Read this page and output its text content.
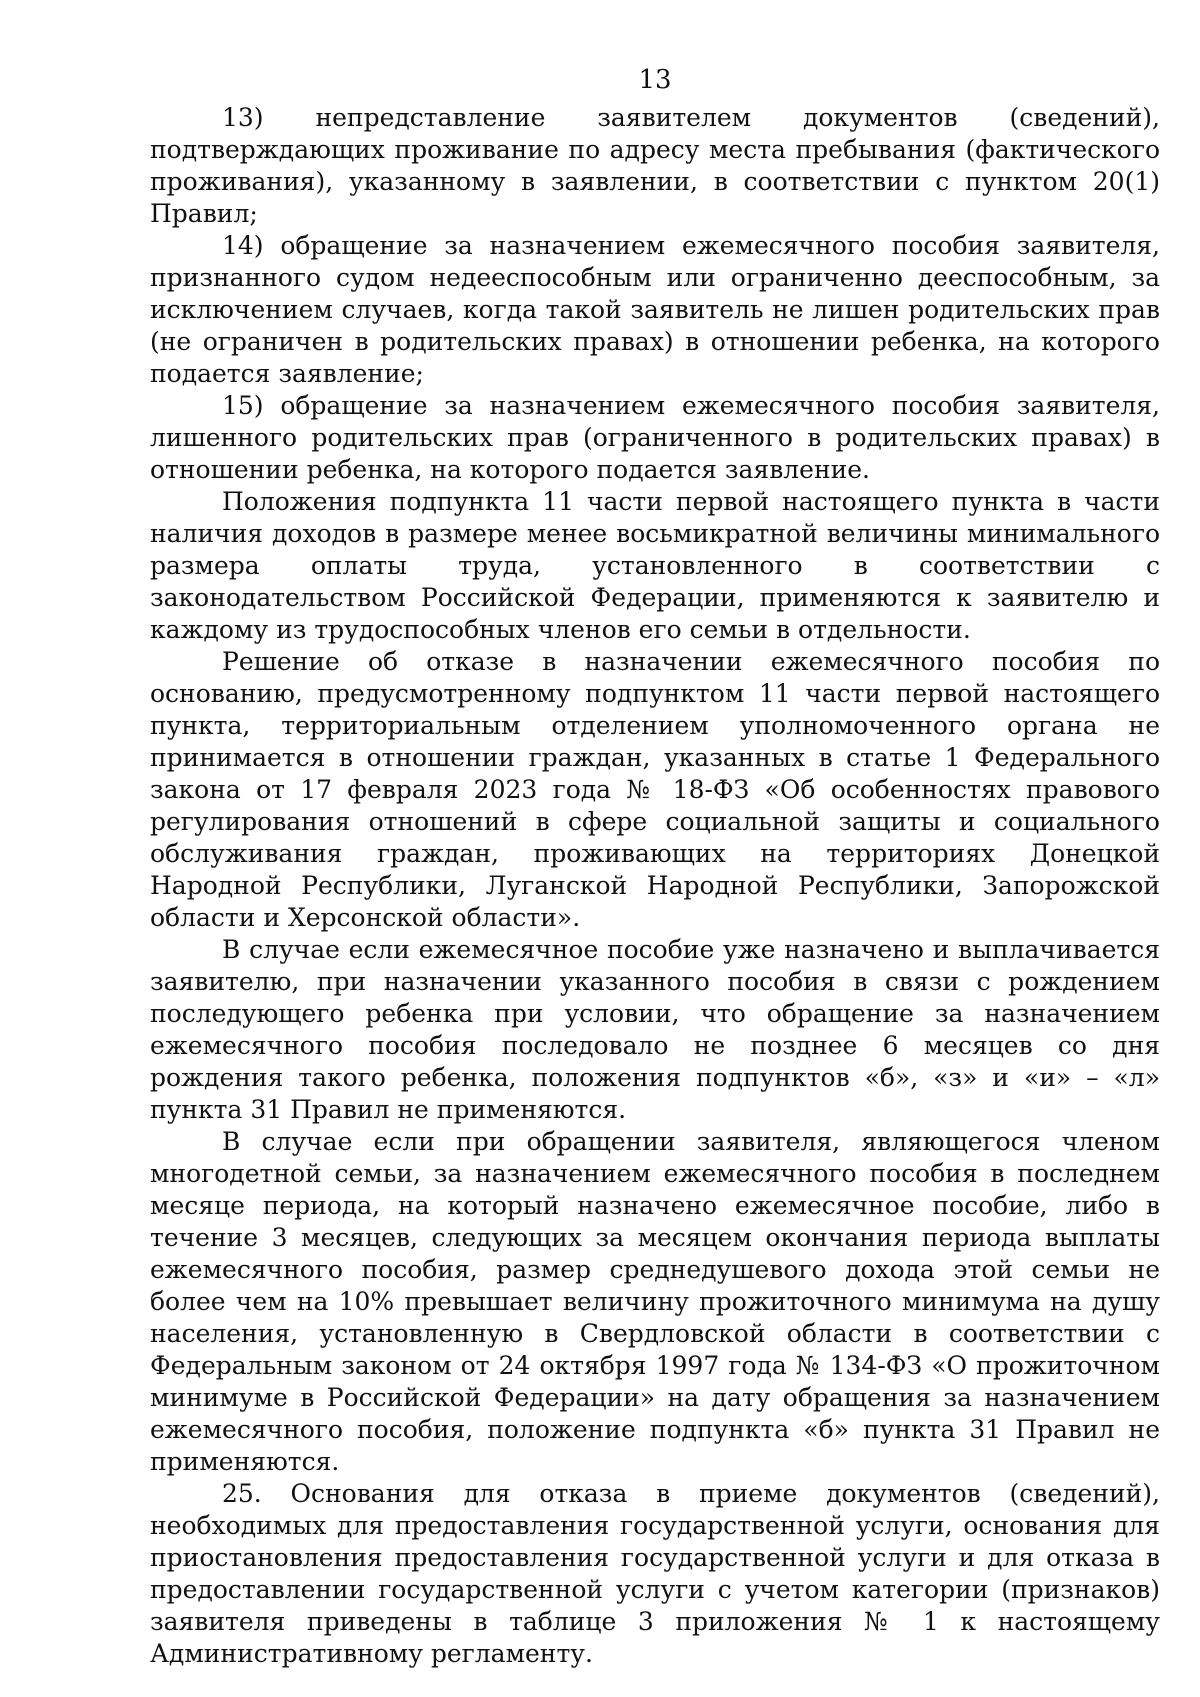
13

13) непредставление заявителем документов (сведений), подтверждающих проживание по адресу места пребывания (фактического проживания), указанному в заявлении, в соответствии с пунктом 20(1) Правил;

14) обращение за назначением ежемесячного пособия заявителя, признанного судом недееспособным или ограниченно дееспособным, за исключением случаев, когда такой заявитель не лишен родительских прав (не ограничен в родительских правах) в отношении ребенка, на которого подается заявление;

15) обращение за назначением ежемесячного пособия заявителя, лишенного родительских прав (ограниченного в родительских правах) в отношении ребенка, на которого подается заявление.

Положения подпункта 11 части первой настоящего пункта в части наличия доходов в размере менее восьмикратной величины минимального размера оплаты труда, установленного в соответствии с законодательством Российской Федерации, применяются к заявителю и каждому из трудоспособных членов его семьи в отдельности.

Решение об отказе в назначении ежемесячного пособия по основанию, предусмотренному подпунктом 11 части первой настоящего пункта, территориальным отделением уполномоченного органа не принимается в отношении граждан, указанных в статье 1 Федерального закона от 17 февраля 2023 года № 18-ФЗ «Об особенностях правового регулирования отношений в сфере социальной защиты и социального обслуживания граждан, проживающих на территориях Донецкой Народной Республики, Луганской Народной Республики, Запорожской области и Херсонской области».

В случае если ежемесячное пособие уже назначено и выплачивается заявителю, при назначении указанного пособия в связи с рождением последующего ребенка при условии, что обращение за назначением ежемесячного пособия последовало не позднее 6 месяцев со дня рождения такого ребенка, положения подпунктов «б», «з» и «и» – «л» пункта 31 Правил не применяются.

В случае если при обращении заявителя, являющегося членом многодетной семьи, за назначением ежемесячного пособия в последнем месяце периода, на который назначено ежемесячное пособие, либо в течение 3 месяцев, следующих за месяцем окончания периода выплаты ежемесячного пособия, размер среднедушевого дохода этой семьи не более чем на 10% превышает величину прожиточного минимума на душу населения, установленную в Свердловской области в соответствии с Федеральным законом от 24 октября 1997 года № 134-ФЗ «О прожиточном минимуме в Российской Федерации» на дату обращения за назначением ежемесячного пособия, положение подпункта «б» пункта 31 Правил не применяются.

25. Основания для отказа в приеме документов (сведений), необходимых для предоставления государственной услуги, основания для приостановления предоставления государственной услуги и для отказа в предоставлении государственной услуги с учетом категории (признаков) заявителя приведены в таблице 3 приложения № 1 к настоящему Административному регламенту.
